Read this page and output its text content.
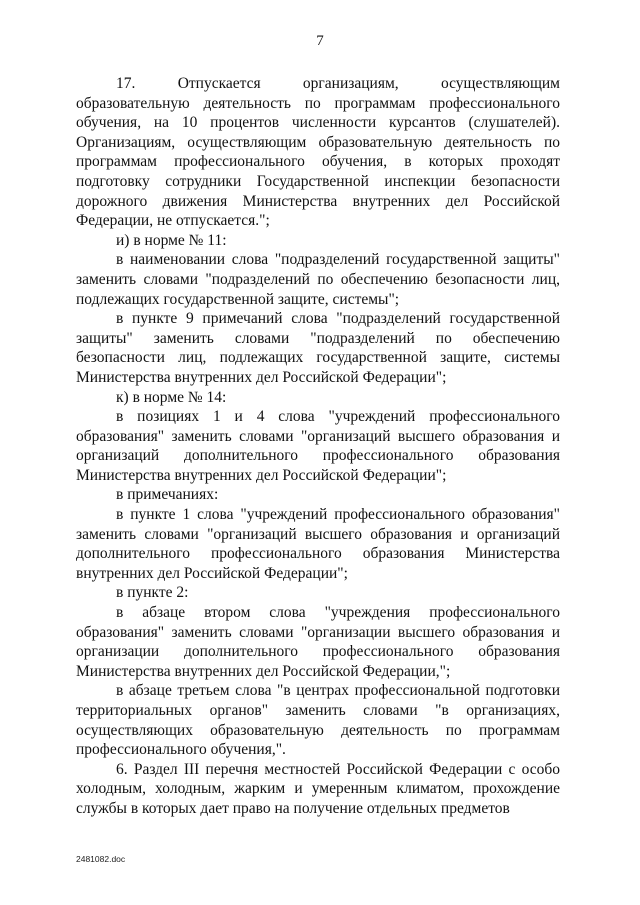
7

17. Отпускается организациям, осуществляющим образовательную деятельность по программам профессионального обучения, на 10 процентов численности курсантов (слушателей). Организациям, осуществляющим образовательную деятельность по программам профессионального обучения, в которых проходят подготовку сотрудники Государственной инспекции безопасности дорожного движения Министерства внутренних дел Российской Федерации, не отпускается.";

и) в норме № 11:

в наименовании слова "подразделений государственной защиты" заменить словами "подразделений по обеспечению безопасности лиц, подлежащих государственной защите, системы";

в пункте 9 примечаний слова "подразделений государственной защиты" заменить словами "подразделений по обеспечению безопасности лиц, подлежащих государственной защите, системы Министерства внутренних дел Российской Федерации";

к) в норме № 14:

в позициях 1 и 4 слова "учреждений профессионального образования" заменить словами "организаций высшего образования и организаций дополнительного профессионального образования Министерства внутренних дел Российской Федерации";

в примечаниях:

в пункте 1 слова "учреждений профессионального образования" заменить словами "организаций высшего образования и организаций дополнительного профессионального образования Министерства внутренних дел Российской Федерации";

в пункте 2:

в абзаце втором слова "учреждения профессионального образования" заменить словами "организации высшего образования и организации дополнительного профессионального образования Министерства внутренних дел Российской Федерации,";

в абзаце третьем слова "в центрах профессиональной подготовки территориальных органов" заменить словами "в организациях, осуществляющих образовательную деятельность по программам профессионального обучения,".

6. Раздел III перечня местностей Российской Федерации с особо холодным, холодным, жарким и умеренным климатом, прохождение службы в которых дает право на получение отдельных предметов

2481082.doc
